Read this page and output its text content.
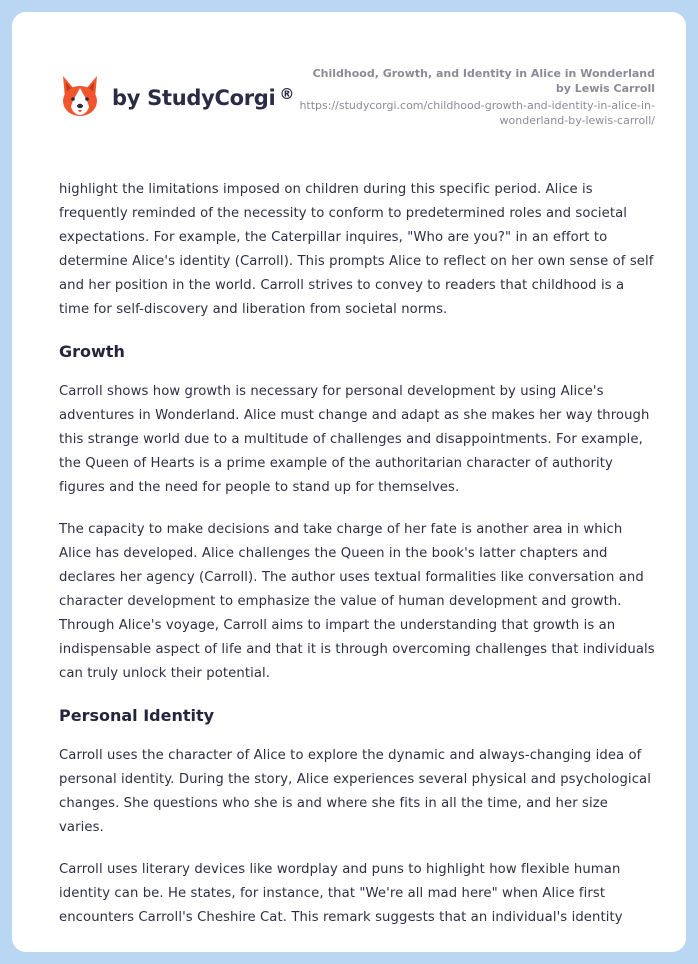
by StudyCorgi ®
Childhood, Growth, and Identity in Alice in Wonderland by Lewis Carroll
https://studycorgi.com/childhood-growth-and-identity-in-alice-in-wonderland-by-lewis-carroll/

highlight the limitations imposed on children during this specific period. Alice is frequently reminded of the necessity to conform to predetermined roles and societal expectations. For example, the Caterpillar inquires, "Who are you?" in an effort to determine Alice's identity (Carroll). This prompts Alice to reflect on her own sense of self and her position in the world. Carroll strives to convey to readers that childhood is a time for self-discovery and liberation from societal norms.

Growth

Carroll shows how growth is necessary for personal development by using Alice's adventures in Wonderland. Alice must change and adapt as she makes her way through this strange world due to a multitude of challenges and disappointments. For example, the Queen of Hearts is a prime example of the authoritarian character of authority figures and the need for people to stand up for themselves.

The capacity to make decisions and take charge of her fate is another area in which Alice has developed. Alice challenges the Queen in the book's latter chapters and declares her agency (Carroll). The author uses textual formalities like conversation and character development to emphasize the value of human development and growth. Through Alice's voyage, Carroll aims to impart the understanding that growth is an indispensable aspect of life and that it is through overcoming challenges that individuals can truly unlock their potential.

Personal Identity

Carroll uses the character of Alice to explore the dynamic and always-changing idea of personal identity. During the story, Alice experiences several physical and psychological changes. She questions who she is and where she fits in all the time, and her size varies.

Carroll uses literary devices like wordplay and puns to highlight how flexible human identity can be. He states, for instance, that "We're all mad here" when Alice first encounters Carroll's Cheshire Cat. This remark suggests that an individual's identity
